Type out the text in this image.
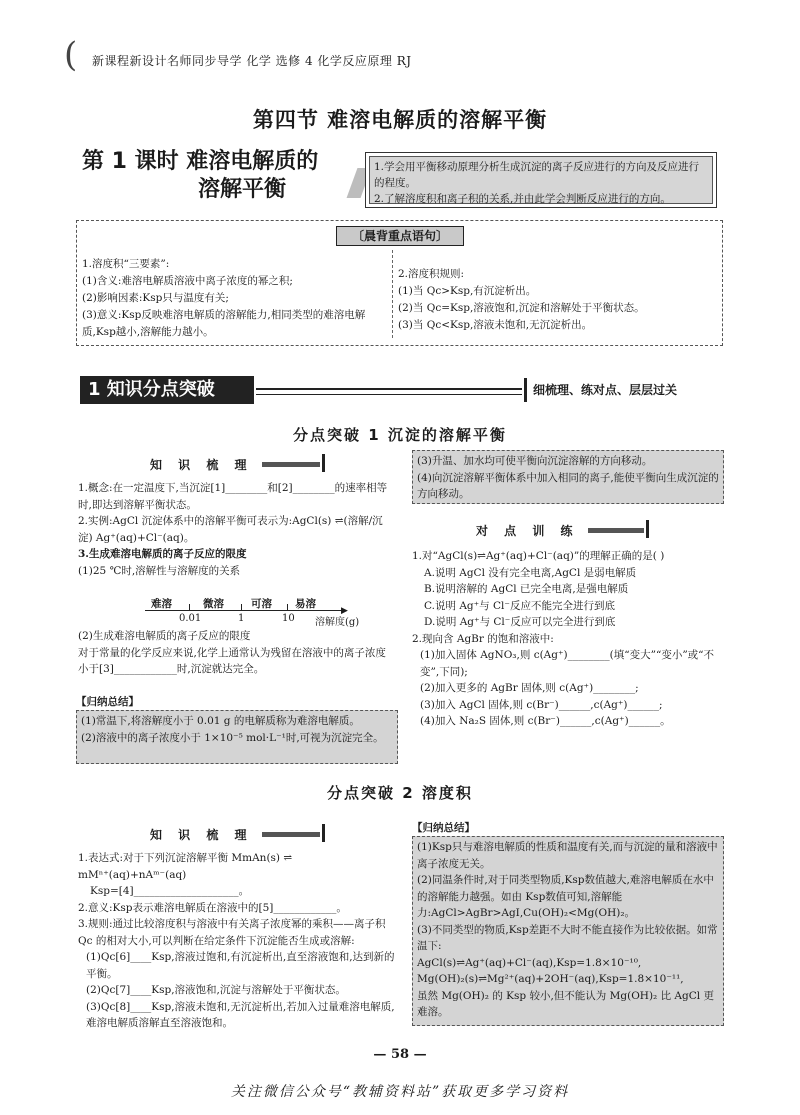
( 新课程新设计名师同步导学 化学 选修 4 化学反应原理 RJ
第四节 难溶电解质的溶解平衡
第 1 课时 难溶电解质的
溶解平衡

1.学会用平衡移动原理分析生成沉淀的离子反应进行的方向及反应进行的程度。

2.了解溶度积和离子积的关系,并由此学会判断反应进行的方向。

〔晨背重点语句〕

1.溶度积“三要素”:

(1)含义:难溶电解质溶液中离子浓度的幂之积;

(2)影响因素:Ksp只与温度有关;

(3)意义:Ksp反映难溶电解质的溶解能力,相同类型的难溶电解质,Ksp越小,溶解能力越小。

2.溶度积规则:

(1)当 Qc>Ksp,有沉淀析出。

(2)当 Qc=Ksp,溶液饱和,沉淀和溶解处于平衡状态。

(3)当 Qc<Ksp,溶液未饱和,无沉淀析出。

1 知识分点突破	细梳理、练对点、层层过关
分点突破 1 沉淀的溶解平衡
知 识 梳 理

1.概念:在一定温度下,当沉淀[1]________和[2]________的速率相等时,即达到溶解平衡状态。

2.实例:AgCl 沉淀体系中的溶解平衡可表示为:AgCl(s) ⇌(溶解/沉淀) Ag⁺(aq)+Cl⁻(aq)。

3.生成难溶电解质的离子反应的限度

(1)25 ℃时,溶解性与溶解度的关系

难溶	微溶	可溶 易溶
▶
0.01	1	10 溶解度(g)

(2)生成难溶电解质的离子反应的限度

对于常量的化学反应来说,化学上通常认为残留在溶液中的离子浓度小于[3]____________时,沉淀就达完全。

【归纳总结】

(1)常温下,将溶解度小于 0.01 g 的电解质称为难溶电解质。

(2)溶液中的离子浓度小于 1×10⁻⁵ mol·L⁻¹时,可视为沉淀完全。

(3)升温、加水均可使平衡向沉淀溶解的方向移动。

(4)向沉淀溶解平衡体系中加入相同的离子,能使平衡向生成沉淀的方向移动。

对 点 训 练

1.对“AgCl(s)⇌Ag⁺(aq)+Cl⁻(aq)”的理解正确的是( )

A.说明 AgCl 没有完全电离,AgCl 是弱电解质

B.说明溶解的 AgCl 已完全电离,是强电解质

C.说明 Ag⁺与 Cl⁻反应不能完全进行到底

D.说明 Ag⁺与 Cl⁻反应可以完全进行到底

2.现向含 AgBr 的饱和溶液中:

(1)加入固体 AgNO₃,则 c(Ag⁺)________(填“变大”“变小”或“不变”,下同);

(2)加入更多的 AgBr 固体,则 c(Ag⁺)________;

(3)加入 AgCl 固体,则 c(Br⁻)______,c(Ag⁺)______;

(4)加入 Na₂S 固体,则 c(Br⁻)______,c(Ag⁺)______。

分点突破 2 溶度积
知 识 梳 理

1.表达式:对于下列沉淀溶解平衡 MmAn(s) ⇌ mMⁿ⁺(aq)+nAᵐ⁻(aq)

Ksp=[4]____________________。

2.意义:Ksp表示难溶电解质在溶液中的[5]____________。

3.规则:通过比较溶度积与溶液中有关离子浓度幂的乘积——离子积 Qc 的相对大小,可以判断在给定条件下沉淀能否生成或溶解:

(1)Qc[6]____Ksp,溶液过饱和,有沉淀析出,直至溶液饱和,达到新的平衡。

(2)Qc[7]____Ksp,溶液饱和,沉淀与溶解处于平衡状态。

(3)Qc[8]____Ksp,溶液未饱和,无沉淀析出,若加入过量难溶电解质,难溶电解质溶解直至溶液饱和。

【归纳总结】

(1)Ksp只与难溶电解质的性质和温度有关,而与沉淀的量和溶液中离子浓度无关。

(2)同温条件时,对于同类型物质,Ksp数值越大,难溶电解质在水中的溶解能力越强。如由 Ksp数值可知,溶解能力:AgCl>AgBr>AgI,Cu(OH)₂<Mg(OH)₂。

(3)不同类型的物质,Ksp差距不大时不能直接作为比较依据。如常温下:

AgCl(s)⇌Ag⁺(aq)+Cl⁻(aq),Ksp=1.8×10⁻¹⁰,

Mg(OH)₂(s)⇌Mg²⁺(aq)+2OH⁻(aq),Ksp=1.8×10⁻¹¹,

虽然 Mg(OH)₂ 的 Ksp 较小,但不能认为 Mg(OH)₂ 比 AgCl 更难溶。

— 58 —
关注微信公众号“教辅资料站”获取更多学习资料
